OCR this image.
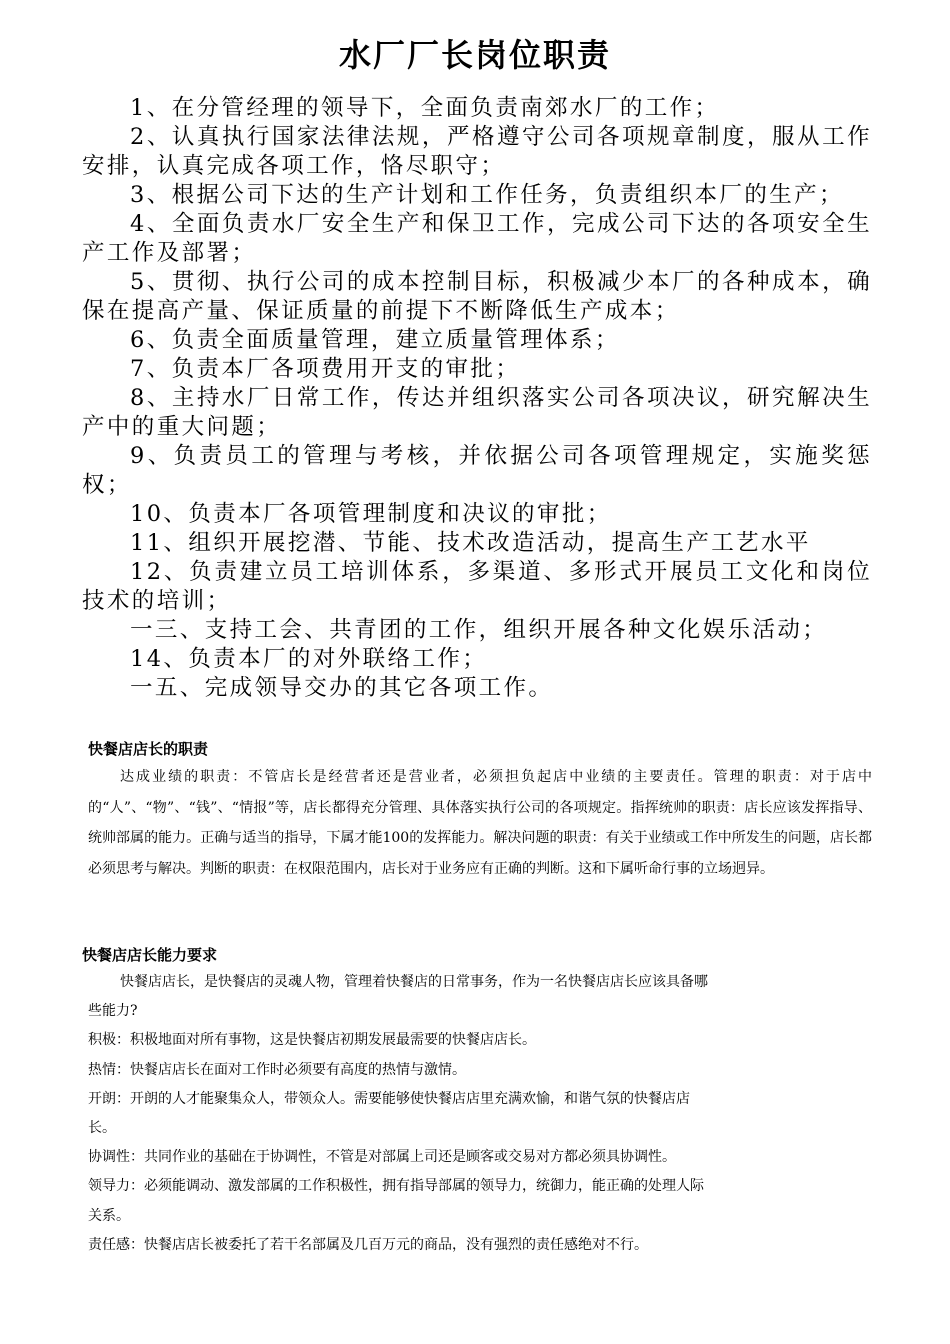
水厂厂长岗位职责

1、在分管经理的领导下，全面负责南郊水厂的工作；

2、认真执行国家法律法规，严格遵守公司各项规章制度，服从工作安排，认真完成各项工作，恪尽职守；

3、根据公司下达的生产计划和工作任务，负责组织本厂的生产；

4、全面负责水厂安全生产和保卫工作，完成公司下达的各项安全生产工作及部署；

5、贯彻、执行公司的成本控制目标，积极减少本厂的各种成本，确保在提高产量、保证质量的前提下不断降低生产成本；

6、负责全面质量管理，建立质量管理体系；

7、负责本厂各项费用开支的审批；

8、主持水厂日常工作，传达并组织落实公司各项决议，研究解决生产中的重大问题；

9、负责员工的管理与考核，并依据公司各项管理规定，实施奖惩权；

10、负责本厂各项管理制度和决议的审批；

11、组织开展挖潜、节能、技术改造活动，提高生产工艺水平

12、负责建立员工培训体系，多渠道、多形式开展员工文化和岗位技术的培训；

一三、支持工会、共青团的工作，组织开展各种文化娱乐活动；

14、负责本厂的对外联络工作；

一五、完成领导交办的其它各项工作。

快餐店店长的职责

达成业绩的职责：不管店长是经营者还是营业者，必须担负起店中业绩的主要责任。管理的职责：对于店中的“人”、“物”、“钱”、“情报”等，店长都得充分管理、具体落实执行公司的各项规定。指挥统帅的职责：店长应该发挥指导、统帅部属的能力。正确与适当的指导，下属才能100的发挥能力。解决问题的职责：有关于业绩或工作中所发生的问题，店长都必须思考与解决。判断的职责：在权限范围内，店长对于业务应有正确的判断。这和下属听命行事的立场迥异。

快餐店店长能力要求

快餐店店长，是快餐店的灵魂人物，管理着快餐店的日常事务，作为一名快餐店店长应该具备哪些能力?

积极：积极地面对所有事物，这是快餐店初期发展最需要的快餐店店长。

热情：快餐店店长在面对工作时必须要有高度的热情与激情。

开朗：开朗的人才能聚集众人，带领众人。需要能够使快餐店店里充满欢愉，和谐气氛的快餐店店长。

协调性：共同作业的基础在于协调性，不管是对部属上司还是顾客或交易对方都必须具协调性。

领导力：必须能调动、激发部属的工作积极性，拥有指导部属的领导力，统御力，能正确的处理人际关系。

责任感：快餐店店长被委托了若干名部属及几百万元的商品，没有强烈的责任感绝对不行。
